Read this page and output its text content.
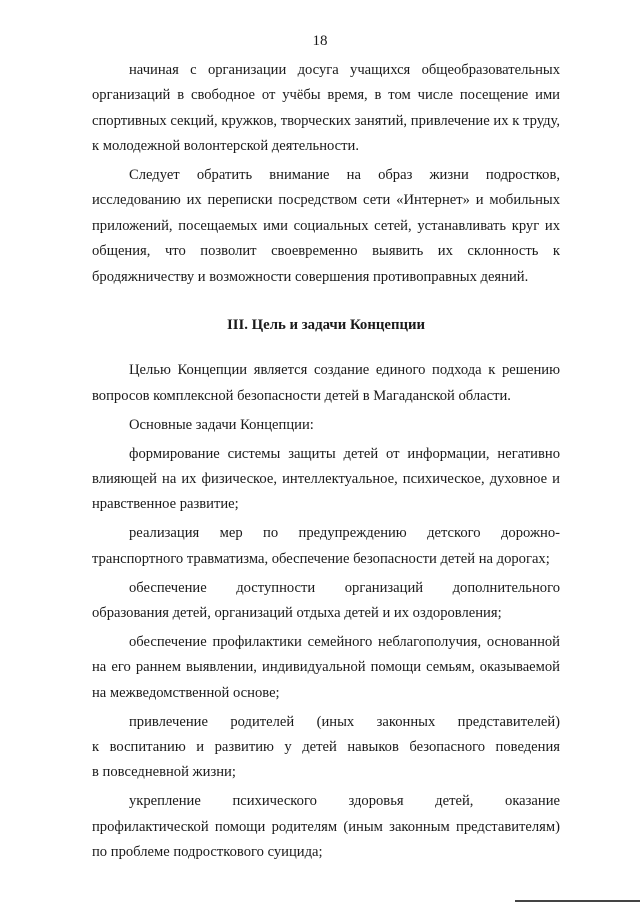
18
начиная с организации досуга учащихся общеобразовательных
организаций в свободное от учёбы время, в том числе посещение ими
спортивных секций, кружков, творческих занятий, привлечение их к труду,
к молодежной волонтерской деятельности.
Следует обратить внимание на образ жизни подростков,
исследованию их переписки посредством сети «Интернет» и мобильных
приложений, посещаемых ими социальных сетей, устанавливать круг их
общения, что позволит своевременно выявить их склонность к
бродяжничеству и возможности совершения противоправных деяний.
III. Цель и задачи Концепции
Целью Концепции является создание единого подхода к решению
вопросов комплексной безопасности детей в Магаданской области.
Основные задачи Концепции:
формирование системы защиты детей от информации, негативно
влияющей на их физическое, интеллектуальное, психическое, духовное и
нравственное развитие;
реализация мер по предупреждению детского дорожно-
транспортного травматизма, обеспечение безопасности детей на дорогах;
обеспечение доступности организаций дополнительного
образования детей, организаций отдыха детей и их оздоровления;
обеспечение профилактики семейного неблагополучия, основанной
на его раннем выявлении, индивидуальной помощи семьям, оказываемой
на межведомственной основе;
привлечение родителей (иных законных представителей)
к воспитанию и развитию у детей навыков безопасного поведения
в повседневной жизни;
укрепление психического здоровья детей, оказание
профилактической помощи родителям (иным законным представителям)
по проблеме подросткового суицида;
